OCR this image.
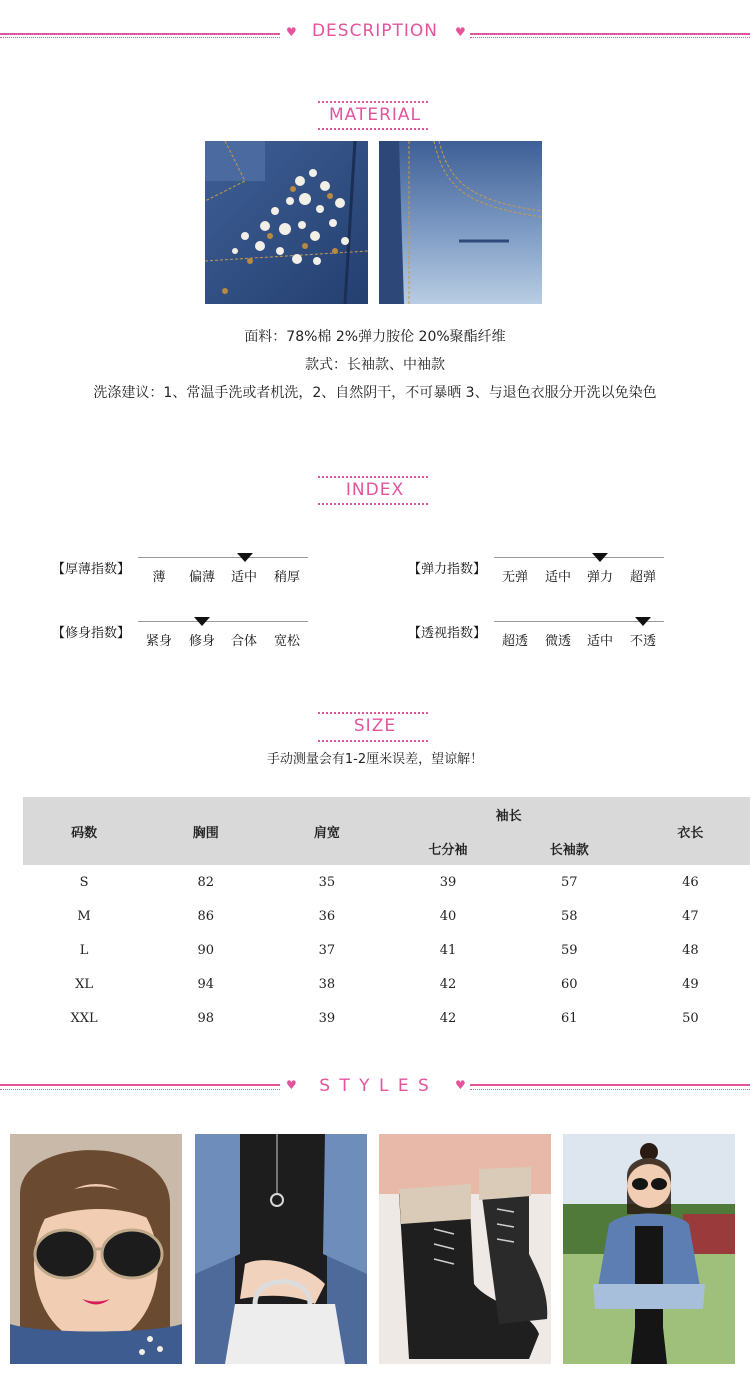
♥ DESCRIPTION	♥
MATERIAL
面料：78%棉 2%弹力胺伦 20%聚酯纤维
款式：长袖款、中袖款
洗涤建议：1、常温手洗或者机洗，2、自然阴干，不可暴晒 3、与退色衣服分开洗以免染色
INDEX
【厚薄指数】
薄	偏薄	适中	稍厚
【弹力指数】
无弹	适中	弹力	超弹
【修身指数】
紧身	修身	合体	宽松
【透视指数】
超透	微透	适中	不透
SIZE
手动测量会有1-2厘米误差，望谅解！
码数	胸围	肩宽	袖长		衣长
			七分袖	长袖款	
S	82	35	39	57	46
M	86	36	40	58	47
L	90	37	41	59	48
XL	94	38	42	60	49
XXL	98	39	42	61	50
♥	S T Y L E S	♥
